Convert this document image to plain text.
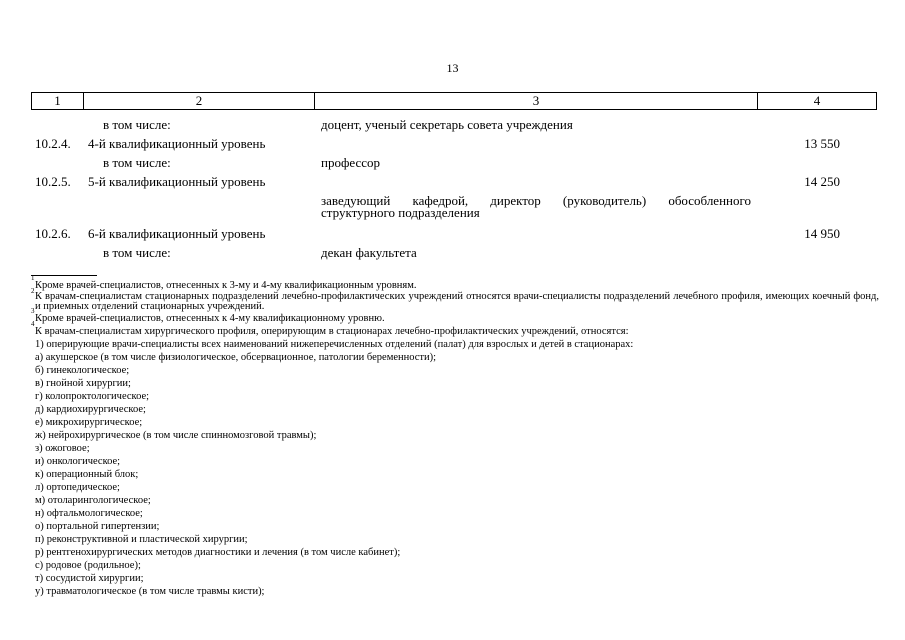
13
1	2	3	4
в том числе:	доцент, ученый секретарь совета учреждения
10.2.4. 4-й квалификационный уровень	13 550
в том числе:	профессор
10.2.5. 5-й квалификационный уровень	14 250
заведующий кафедрой, директор (руководитель) обособленного структурного подразделения
10.2.6. 6-й квалификационный уровень	14 950
в том числе:	декан факультета
1
Кроме врачей-специалистов, отнесенных к 3-му и 4-му квалификационным уровням.
2 К врачам-специалистам стационарных подразделений лечебно-профилактических учреждений относятся врачи-специалисты подразделений лечебного профиля, имеющих коечный фонд, и приемных отделений стационарных учреждений.
3
Кроме врачей-специалистов, отнесенных к 4-му квалификационному уровню.
4
К врачам-специалистам хирургического профиля, оперирующим в стационарах лечебно-профилактических учреждений, относятся:
1) оперирующие врачи-специалисты всех наименований нижеперечисленных отделений (палат) для взрослых и детей в стационарах:
а) акушерское (в том числе физиологическое, обсервационное, патологии беременности);
б) гинекологическое;
в) гнойной хирургии;
г) колопроктологическое;
д) кардиохирургическое;
е) микрохирургическое;
ж) нейрохирургическое (в том числе спинномозговой травмы);
з) ожоговое;
и) онкологическое;
к) операционный блок;
л) ортопедическое;
м) отоларингологическое;
н) офтальмологическое;
о) портальной гипертензии;
п) реконструктивной и пластической хирургии;
р) рентгенохирургических методов диагностики и лечения (в том числе кабинет);
с) родовое (родильное);
т) сосудистой хирургии;
у) травматологическое (в том числе травмы кисти);
